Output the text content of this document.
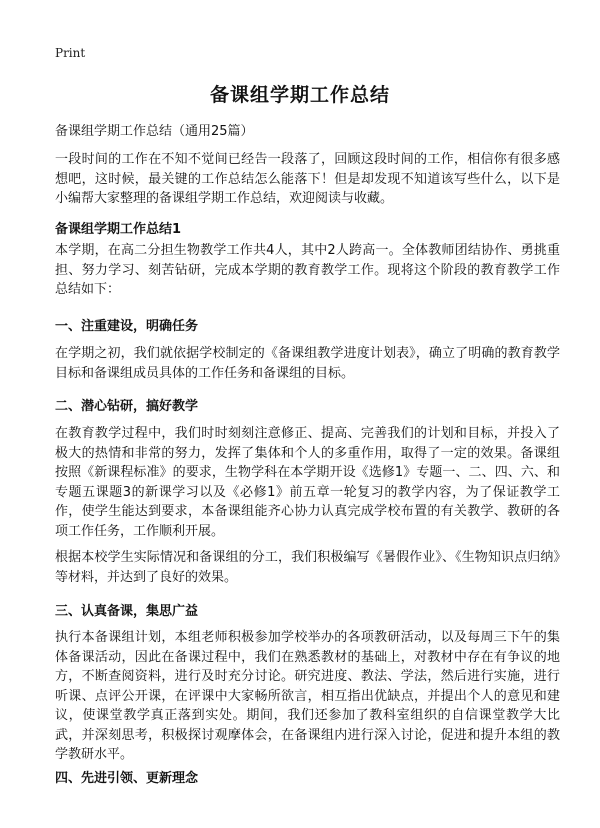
Print
备课组学期工作总结
备课组学期工作总结（通用25篇）

一段时间的工作在不知不觉间已经告一段落了，回顾这段时间的工作，相信你有很多感想吧，这时候，最关键的工作总结怎么能落下！但是却发现不知道该写些什么，以下是小编帮大家整理的备课组学期工作总结，欢迎阅读与收藏。

备课组学期工作总结1

本学期，在高二分担生物教学工作共4人，其中2人跨高一。全体教师团结协作、勇挑重担、努力学习、刻苦钻研，完成本学期的教育教学工作。现将这个阶段的教育教学工作总结如下：

一、注重建设，明确任务

在学期之初，我们就依据学校制定的《备课组教学进度计划表》，确立了明确的教育教学目标和备课组成员具体的工作任务和备课组的目标。

二、潜心钻研，搞好教学

在教育教学过程中，我们时时刻刻注意修正、提高、完善我们的计划和目标，并投入了极大的热情和非常的努力，发挥了集体和个人的多重作用，取得了一定的效果。备课组按照《新课程标准》的要求，生物学科在本学期开设《选修1》专题一、二、四、六、和专题五课题3的新课学习以及《必修1》前五章一轮复习的教学内容，为了保证教学工作，使学生能达到要求，本备课组能齐心协力认真完成学校布置的有关教学、教研的各项工作任务，工作顺利开展。

根据本校学生实际情况和备课组的分工，我们积极编写《暑假作业》、《生物知识点归纳》等材料，并达到了良好的效果。

三、认真备课，集思广益

执行本备课组计划，本组老师积极参加学校举办的各项教研活动，以及每周三下午的集体备课活动，因此在备课过程中，我们在熟悉教材的基础上，对教材中存在有争议的地方，不断查阅资料，进行及时充分讨论。研究进度、教法、学法，然后进行实施，进行听课、点评公开课，在评课中大家畅所欲言，相互指出优缺点，并提出个人的意见和建议，使课堂教学真正落到实处。期间，我们还参加了教科室组织的自信课堂教学大比武，并深刻思考，积极探讨观摩体会，在备课组内进行深入讨论，促进和提升本组的教学教研水平。

四、先进引领、更新理念
